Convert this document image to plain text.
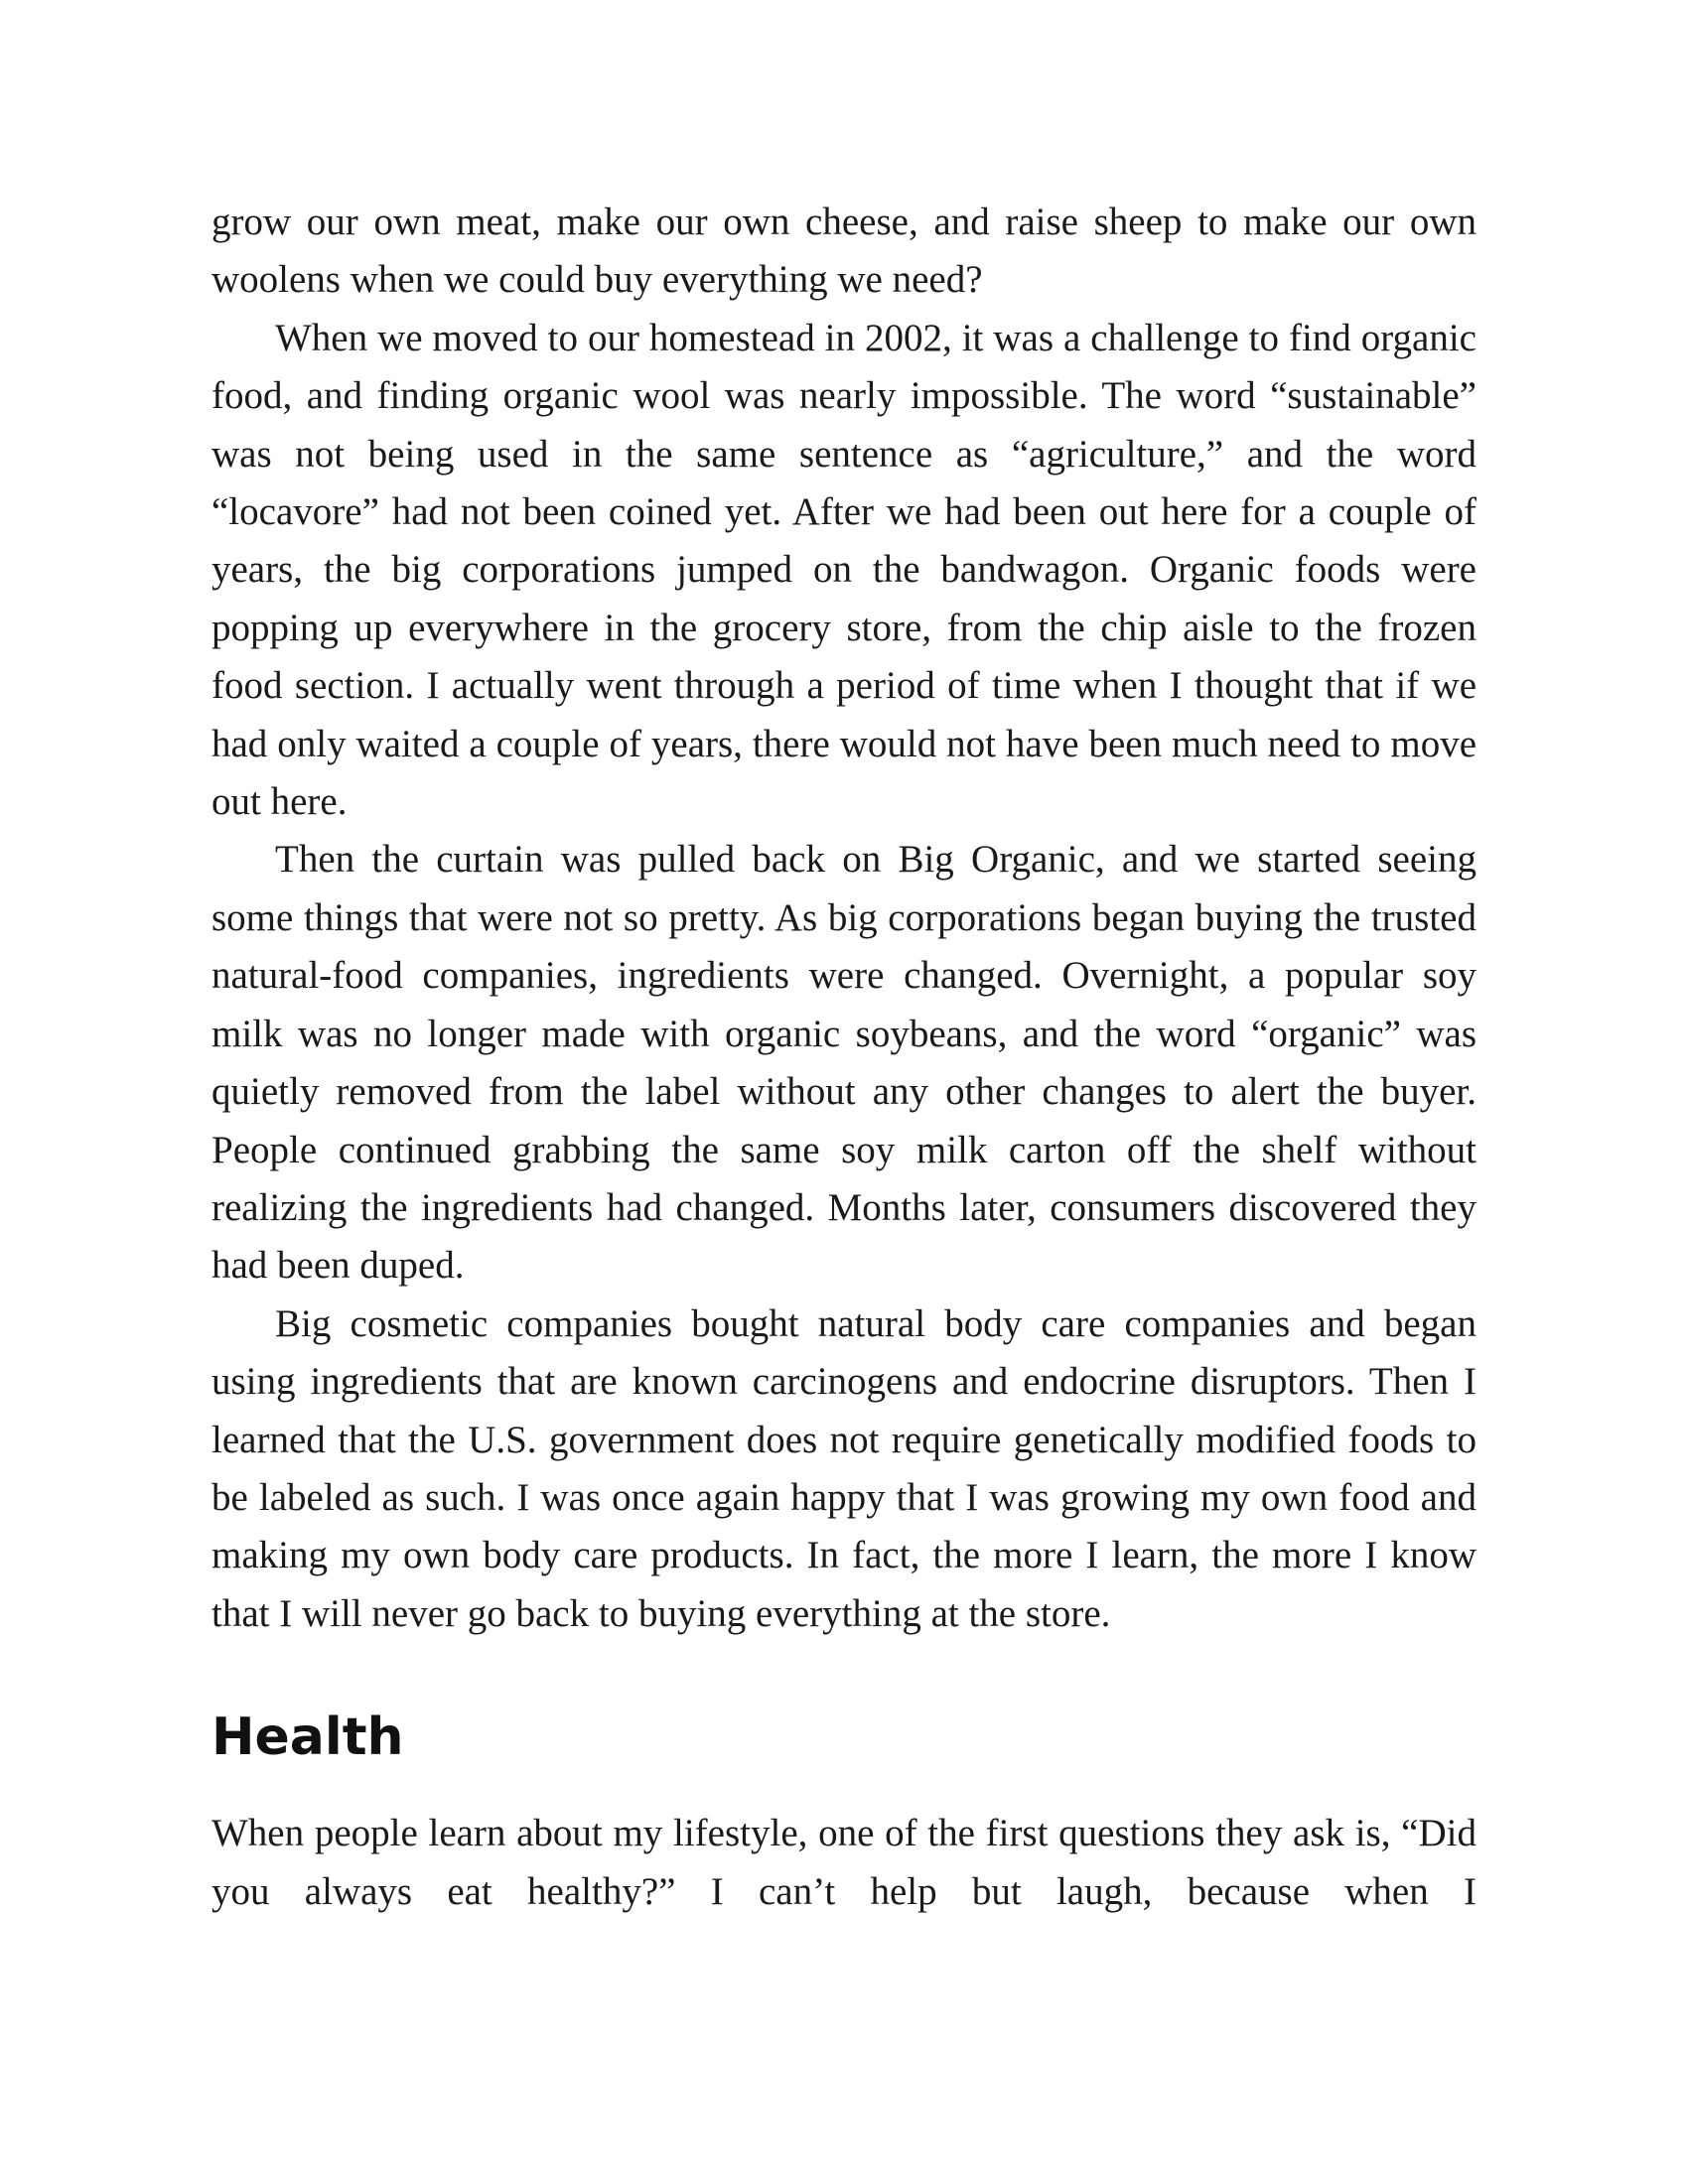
grow our own meat, make our own cheese, and raise sheep to make our own woolens when we could buy everything we need?

When we moved to our homestead in 2002, it was a challenge to find organic food, and finding organic wool was nearly impossible. The word “sustainable” was not being used in the same sentence as “agriculture,” and the word “locavore” had not been coined yet. After we had been out here for a couple of years, the big corporations jumped on the bandwagon. Organic foods were popping up everywhere in the grocery store, from the chip aisle to the frozen food section. I actually went through a period of time when I thought that if we had only waited a couple of years, there would not have been much need to move out here.

Then the curtain was pulled back on Big Organic, and we started seeing some things that were not so pretty. As big corporations began buying the trusted natural-food companies, ingredients were changed. Overnight, a popular soy milk was no longer made with organic soybeans, and the word “organic” was quietly removed from the label without any other changes to alert the buyer. People continued grabbing the same soy milk carton off the shelf without realizing the ingredients had changed. Months later, consumers discovered they had been duped.

Big cosmetic companies bought natural body care companies and began using ingredients that are known carcinogens and endocrine disruptors. Then I learned that the U.S. government does not require genetically modified foods to be labeled as such. I was once again happy that I was growing my own food and making my own body care products. In fact, the more I learn, the more I know that I will never go back to buying everything at the store.

Health

When people learn about my lifestyle, one of the first questions they ask is, “Did you always eat healthy?” I can’t help but laugh, because when I
